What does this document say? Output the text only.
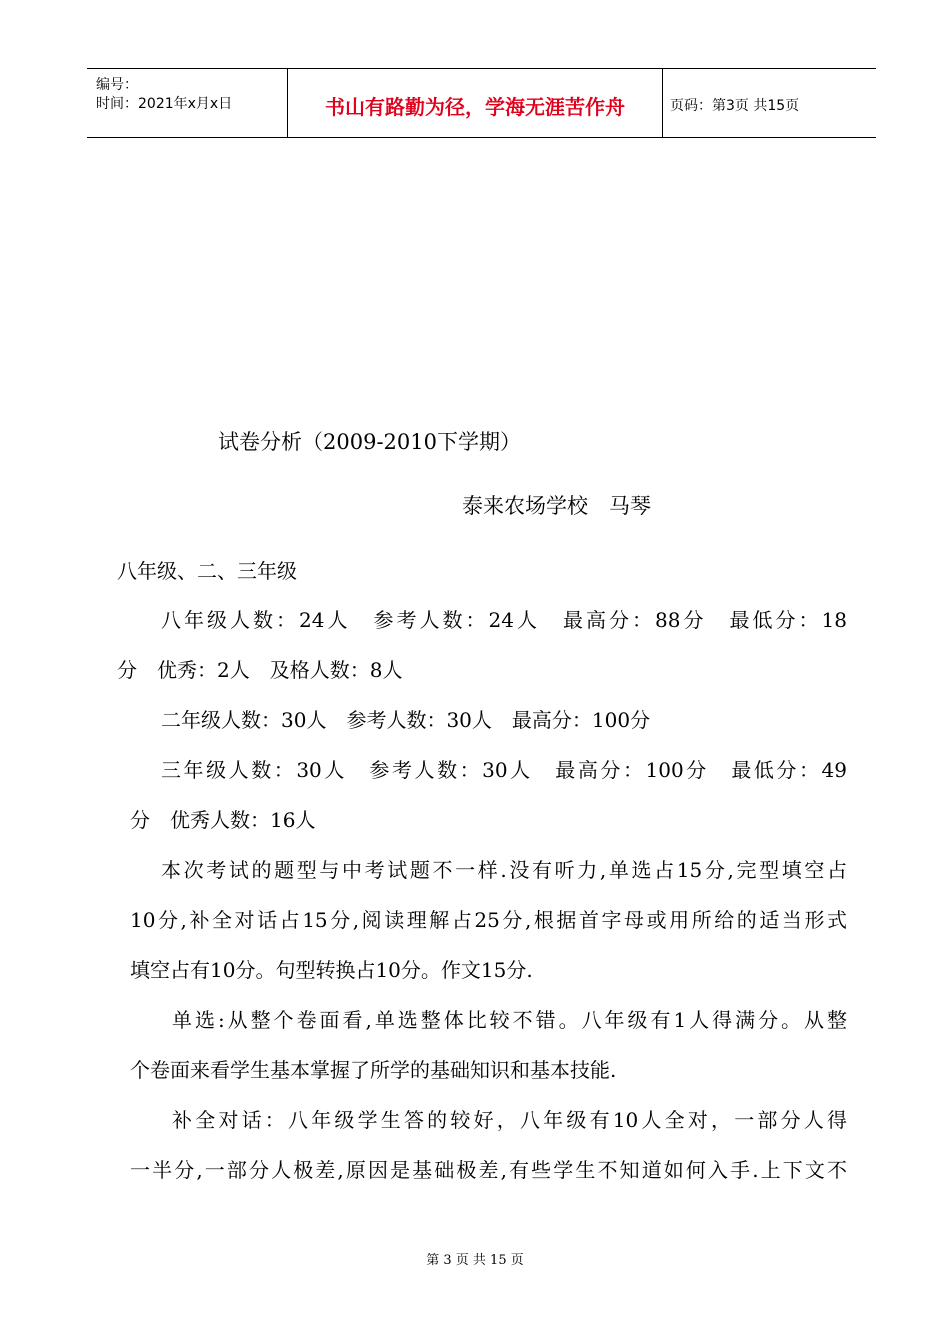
编号：
时间：2021年x月x日	书山有路勤为径，学海无涯苦作舟	页码：第3页 共15页
试卷分析（2009-2010下学期）
泰来农场学校　马琴
八年级、二、三年级
八年级人数：24人　参考人数：24人　最高分：88分　最低分：18
分　优秀：2人　及格人数：8人
二年级人数：30人　参考人数：30人　最高分：100分
三年级人数：30人　参考人数：30人　最高分：100分　最低分：49
分　优秀人数：16人
本次考试的题型与中考试题不一样.没有听力,单选占15分,完型填空占
10分,补全对话占15分,阅读理解占25分,根据首字母或用所给的适当形式
填空占有10分。句型转换占10分。作文15分.
单选:从整个卷面看,单选整体比较不错。八年级有1人得满分。从整
个卷面来看学生基本掌握了所学的基础知识和基本技能.
补全对话：八年级学生答的较好，八年级有10人全对，一部分人得
一半分,一部分人极差,原因是基础极差,有些学生不知道如何入手.上下文不
第 3 页 共 15 页
